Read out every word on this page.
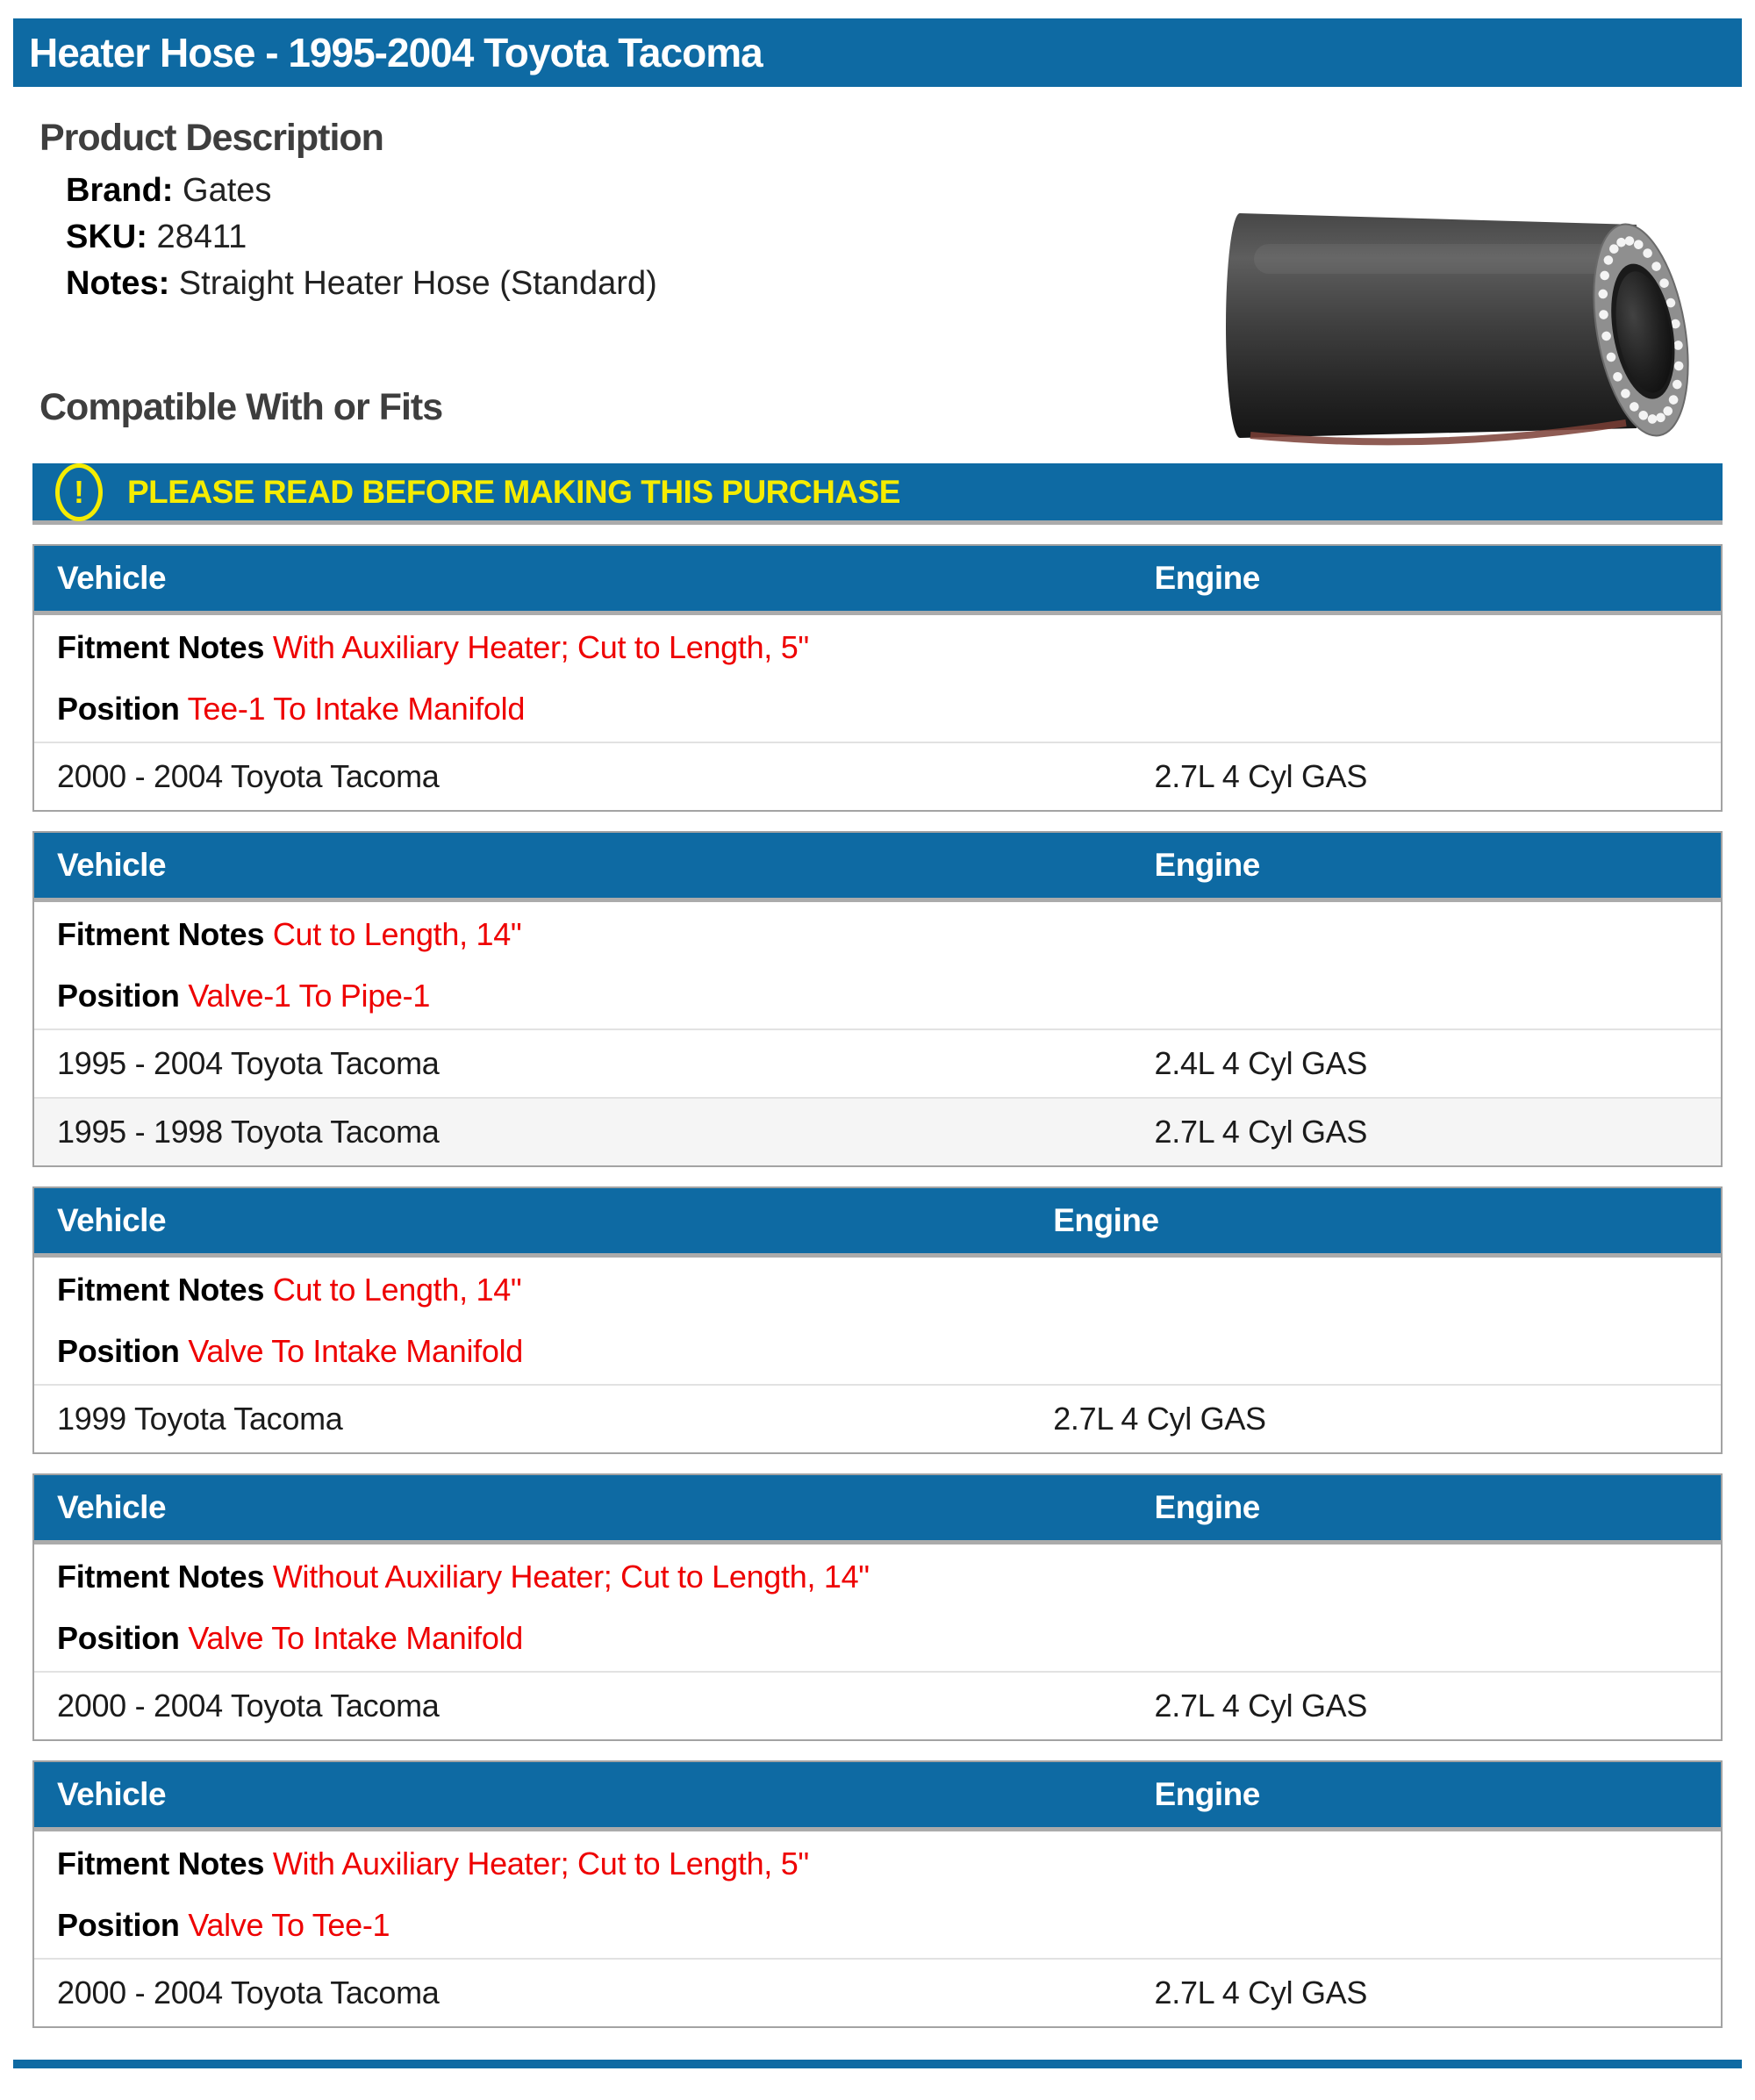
Heater Hose - 1995-2004 Toyota Tacoma
Product Description
Brand: Gates
SKU: 28411
Notes: Straight Heater Hose (Standard)
Compatible With or Fits
!	PLEASE READ BEFORE MAKING THIS PURCHASE
Vehicle	Engine

Fitment Notes With Auxiliary Heater; Cut to Length, 5"

Position Tee-1 To Intake Manifold

2000 - 2004 Toyota Tacoma	2.7L 4 Cyl GAS
Vehicle	Engine

Fitment Notes Cut to Length, 14"

Position Valve-1 To Pipe-1

1995 - 2004 Toyota Tacoma	2.4L 4 Cyl GAS
1995 - 1998 Toyota Tacoma	2.7L 4 Cyl GAS
Vehicle	Engine

Fitment Notes Cut to Length, 14"

Position Valve To Intake Manifold

1999 Toyota Tacoma	2.7L 4 Cyl GAS
Vehicle	Engine

Fitment Notes Without Auxiliary Heater; Cut to Length, 14"

Position Valve To Intake Manifold

2000 - 2004 Toyota Tacoma	2.7L 4 Cyl GAS
Vehicle	Engine

Fitment Notes With Auxiliary Heater; Cut to Length, 5"

Position Valve To Tee-1

2000 - 2004 Toyota Tacoma	2.7L 4 Cyl GAS
